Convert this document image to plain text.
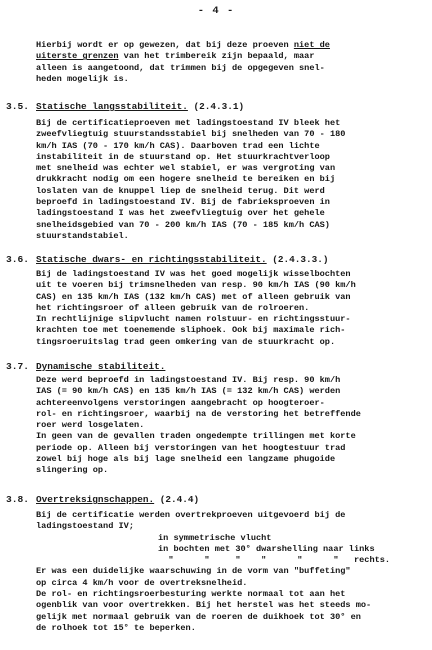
- 4 -
Hierbij wordt er op gewezen, dat bij deze proeven niet de
uiterste grenzen van het trimbereik zijn bepaald, maar
alleen is aangetoond, dat trimmen bij de opgegeven snel-
heden mogelijk is.
3.5. Statische langsstabiliteit. (2.4.3.1)
Bij de certificatieproeven met ladingstoestand IV bleek het
zweefvliegtuig stuurstandsstabiel bij snelheden van 70 - 180
km/h IAS (70 - 170 km/h CAS). Daarboven trad een lichte
instabiliteit in de stuurstand op. Het stuurkrachtverloop
met snelheid was echter wel stabiel, er was vergroting van
drukkracht nodig om een hogere snelheid te bereiken en bij
loslaten van de knuppel liep de snelheid terug. Dit werd
beproefd in ladingstoestand IV. Bij de fabrieksproeven in
ladingstoestand I was het zweefvliegtuig over het gehele
snelheidsgebied van 70 - 200 km/h IAS (70 - 185 km/h CAS)
stuurstandstabiel.
3.6. Statische dwars- en richtingsstabiliteit. (2.4.3.3.)
Bij de ladingstoestand IV was het goed mogelijk wisselbochten
uit te voeren bij trimsnelheden van resp. 90 km/h IAS (90 km/h
CAS) en 135 km/h IAS (132 km/h CAS) met of alleen gebruik van
het richtingsroer of alleen gebruik van de rolroeren.
In rechtlijnige slipvlucht namen rolstuur- en richtingsstuur-
krachten toe met toenemende sliphoek. Ook bij maximale rich-
tingsroeruitslag trad geen omkering van de stuurkracht op.
3.7. Dynamische stabiliteit.
Deze werd beproefd in ladingstoestand IV. Bij resp. 90 km/h
IAS (= 90 km/h CAS) en 135 km/h IAS (= 132 km/h CAS) werden
achtereenvolgens verstoringen aangebracht op hoogteroer-
rol- en richtingsroer, waarbij na de verstoring het betreffende
roer werd losgelaten.
In geen van de gevallen traden ongedempte trillingen met korte
periode op. Alleen bij verstoringen van het hoogtestuur trad
zowel bij hoge als bij lage snelheid een langzame phugoide
slingering op.
3.8. Overtreksignschappen. (2.4.4)
Bij de certificatie werden overtrekproeven uitgevoerd bij de
ladingstoestand IV;
in symmetrische vlucht
in bochten met 30° dwarshelling naar links
"      "     "    "      "      "   rechts.
Er was een duidelijke waarschuwing in de vorm van "buffeting"
op circa 4 km/h voor de overtreksnelheid.
De rol- en richtingsroerbesturing werkte normaal tot aan het
ogenblik van voor overtrekken. Bij het herstel was het steeds mo-
gelijk met normaal gebruik van de roeren de duikhoek tot 30° en
de rolhoek tot 15° te beperken.
